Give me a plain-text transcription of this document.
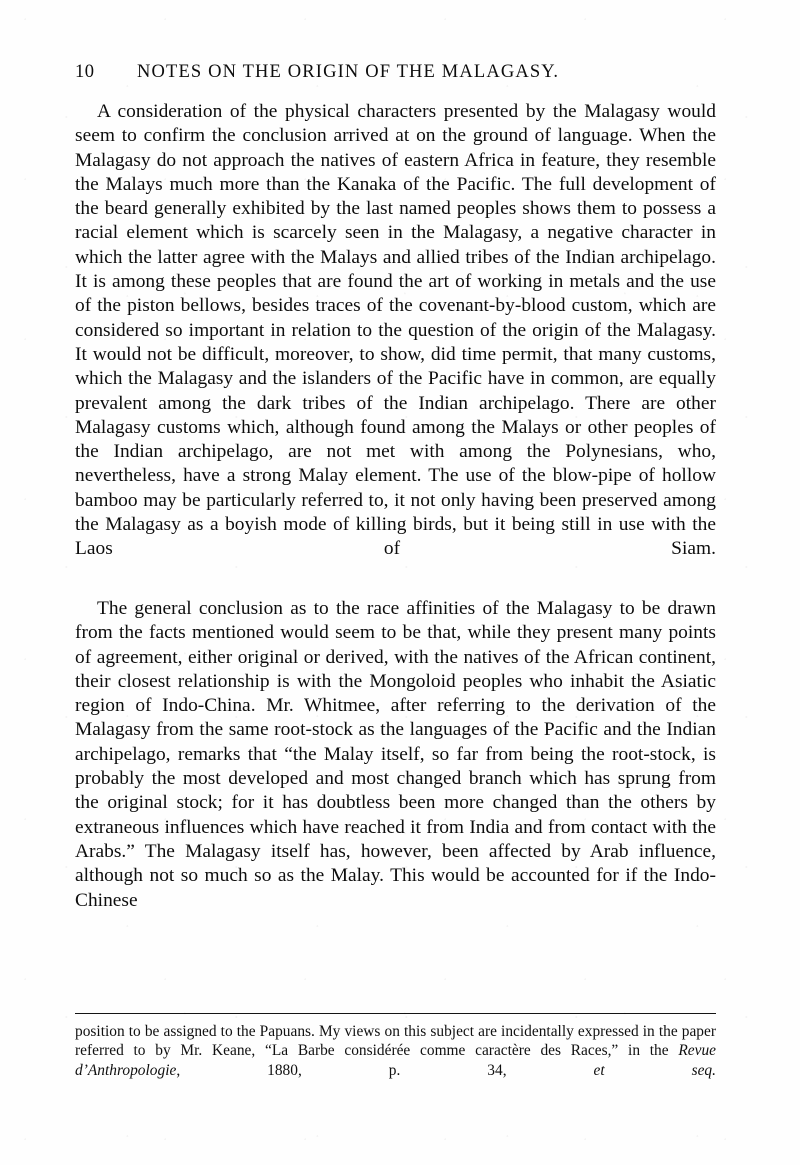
10	NOTES ON THE ORIGIN OF THE MALAGASY.

A consideration of the physical characters presented by the Malagasy would seem to confirm the conclusion arrived at on the ground of language. When the Malagasy do not approach the natives of eastern Africa in feature, they resemble the Malays much more than the Kanaka of the Pacific. The full development of the beard generally exhibited by the last named peoples shows them to possess a racial element which is scarcely seen in the Malagasy, a negative character in which the latter agree with the Malays and allied tribes of the Indian archipelago. It is among these peoples that are found the art of working in metals and the use of the piston bellows, besides traces of the covenant-by-blood custom, which are considered so important in relation to the question of the origin of the Malagasy. It would not be difficult, moreover, to show, did time permit, that many customs, which the Malagasy and the islanders of the Pacific have in common, are equally prevalent among the dark tribes of the Indian archipelago. There are other Malagasy customs which, although found among the Malays or other peoples of the Indian archipelago, are not met with among the Polynesians, who, nevertheless, have a strong Malay element. The use of the blow-pipe of hollow bamboo may be particularly referred to, it not only having been preserved among the Malagasy as a boyish mode of killing birds, but it being still in use with the Laos of Siam.

The general conclusion as to the race affinities of the Malagasy to be drawn from the facts mentioned would seem to be that, while they present many points of agreement, either original or derived, with the natives of the African continent, their closest relationship is with the Mongoloid peoples who inhabit the Asiatic region of Indo-China. Mr. Whitmee, after referring to the derivation of the Malagasy from the same root-stock as the languages of the Pacific and the Indian archipelago, remarks that “the Malay itself, so far from being the root-stock, is probably the most developed and most changed branch which has sprung from the original stock; for it has doubtless been more changed than the others by extraneous influences which have reached it from India and from contact with the Arabs.” The Malagasy itself has, however, been affected by Arab influence, although not so much so as the Malay. This would be accounted for if the Indo-Chinese

position to be assigned to the Papuans. My views on this subject are incidentally expressed in the paper referred to by Mr. Keane, “La Barbe considérée comme caractère des Races,” in the Revue d’Anthropologie, 1880, p. 34,	et seq.
